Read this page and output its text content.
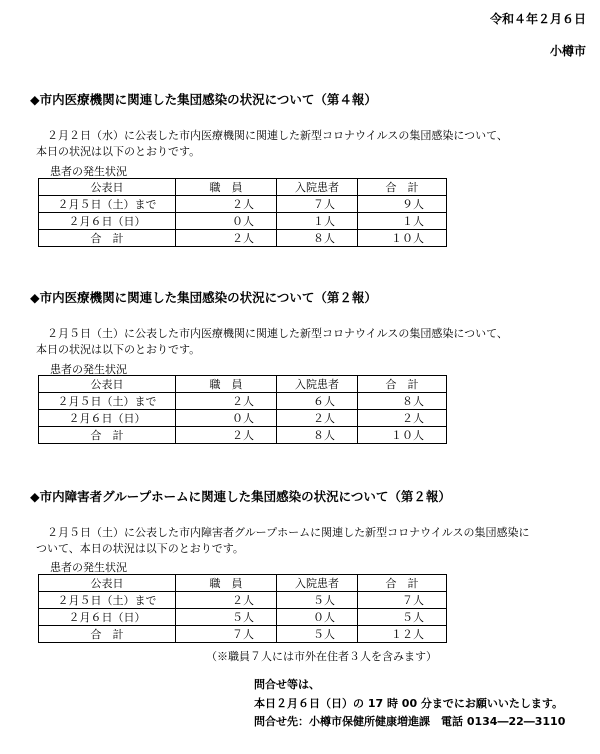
令和４年２月６日
小樽市
◆市内医療機関に関連した集団感染の状況について（第４報）
２月２日（水）に公表した市内医療機関に関連した新型コロナウイルスの集団感染について、
本日の状況は以下のとおりです。
患者の発生状況
公表日	職　員	入院患者	合　計
２月５日（土）まで	２人	７人	９人
２月６日（日）	０人	１人	１人
合　計	２人	８人	１０人
◆市内医療機関に関連した集団感染の状況について（第２報）
２月５日（土）に公表した市内医療機関に関連した新型コロナウイルスの集団感染について、
本日の状況は以下のとおりです。
患者の発生状況
公表日	職　員	入院患者	合　計
２月５日（土）まで	２人	６人	８人
２月６日（日）	０人	２人	２人
合　計	２人	８人	１０人
◆市内障害者グループホームに関連した集団感染の状況について（第２報）
２月５日（土）に公表した市内障害者グループホームに関連した新型コロナウイルスの集団感染に
ついて、本日の状況は以下のとおりです。
患者の発生状況
公表日	職　員	入院患者	合　計
２月５日（土）まで	２人	５人	７人
２月６日（日）	５人	０人	５人
合　計	７人	５人	１２人
（※職員７人には市外在住者３人を含みます）
問合せ等は、
本日２月６日（日）の 17 時 00 分までにお願いいたします。
問合せ先：小樽市保健所健康増進課　電話 0134―22―3110
